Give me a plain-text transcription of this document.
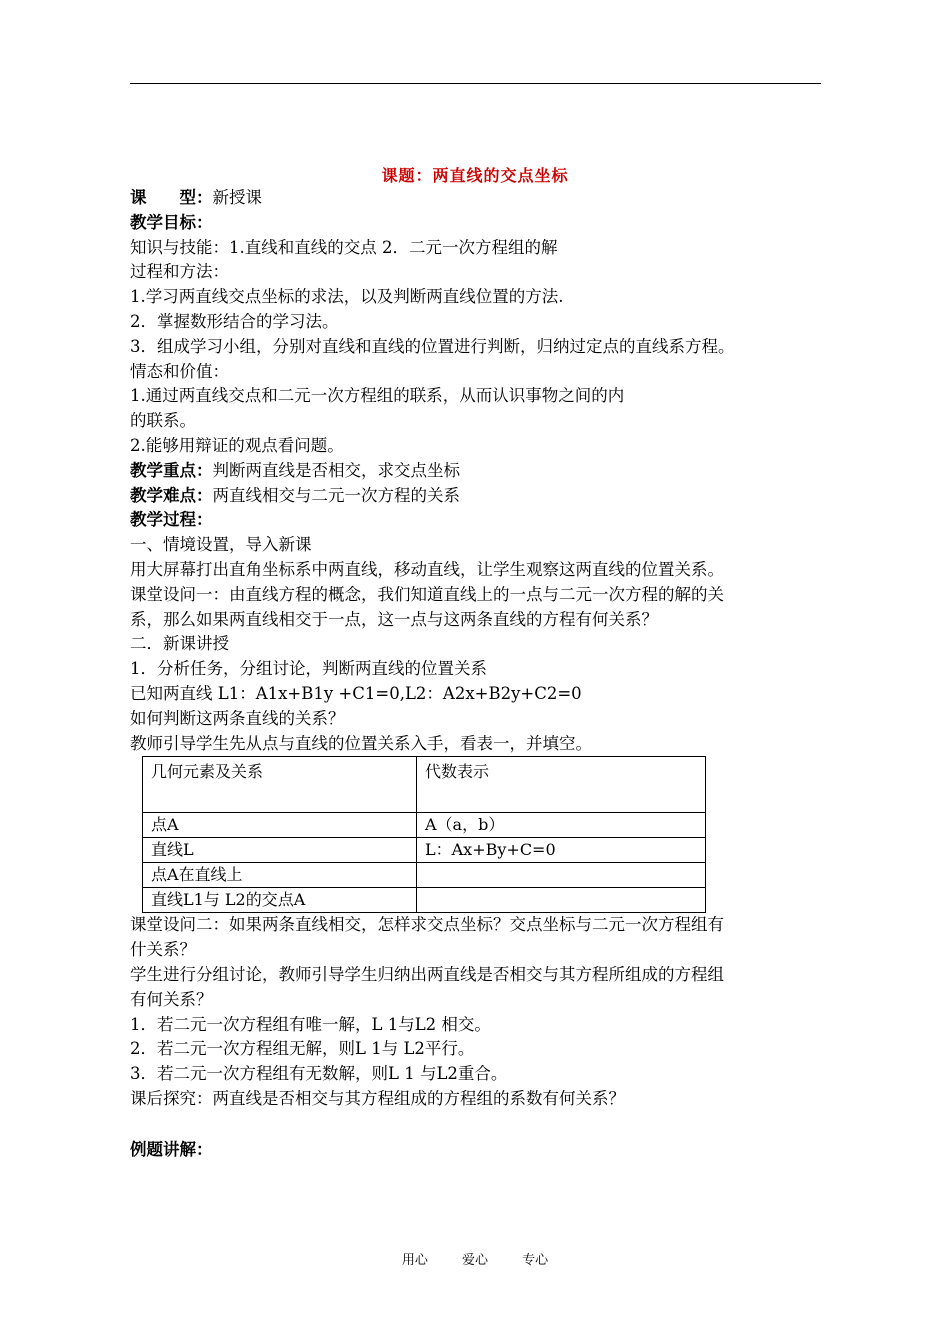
课题：两直线的交点坐标
课　　型：新授课
教学目标：
知识与技能：1.直线和直线的交点 2．二元一次方程组的解
过程和方法：
1.学习两直线交点坐标的求法，以及判断两直线位置的方法.
2．掌握数形结合的学习法。
3．组成学习小组，分别对直线和直线的位置进行判断，归纳过定点的直线系方程。
情态和价值：
1.通过两直线交点和二元一次方程组的联系，从而认识事物之间的内
的联系。
2.能够用辩证的观点看问题。
教学重点：判断两直线是否相交，求交点坐标
教学难点：两直线相交与二元一次方程的关系
教学过程：
一、情境设置，导入新课
用大屏幕打出直角坐标系中两直线，移动直线，让学生观察这两直线的位置关系。
课堂设问一：由直线方程的概念，我们知道直线上的一点与二元一次方程的解的关
系，那么如果两直线相交于一点，这一点与这两条直线的方程有何关系？
二．新课讲授
1．分析任务，分组讨论，判断两直线的位置关系
已知两直线 L1：A1x+B1y +C1=0,L2：A2x+B2y+C2=0
如何判断这两条直线的关系？
教师引导学生先从点与直线的位置关系入手，看表一，并填空。
几何元素及关系	代数表示
点A	A（a，b）
直线L	L：Ax+By+C=0
点A在直线上	
直线L1与 L2的交点A	
课堂设问二：如果两条直线相交，怎样求交点坐标？交点坐标与二元一次方程组有
什关系？
学生进行分组讨论，教师引导学生归纳出两直线是否相交与其方程所组成的方程组
有何关系？
1．若二元一次方程组有唯一解，L 1与L2 相交。
2．若二元一次方程组无解，则L 1与 L2平行。
3．若二元一次方程组有无数解，则L 1 与L2重合。
课后探究：两直线是否相交与其方程组成的方程组的系数有何关系？
例题讲解：
用心	爱心	专心
